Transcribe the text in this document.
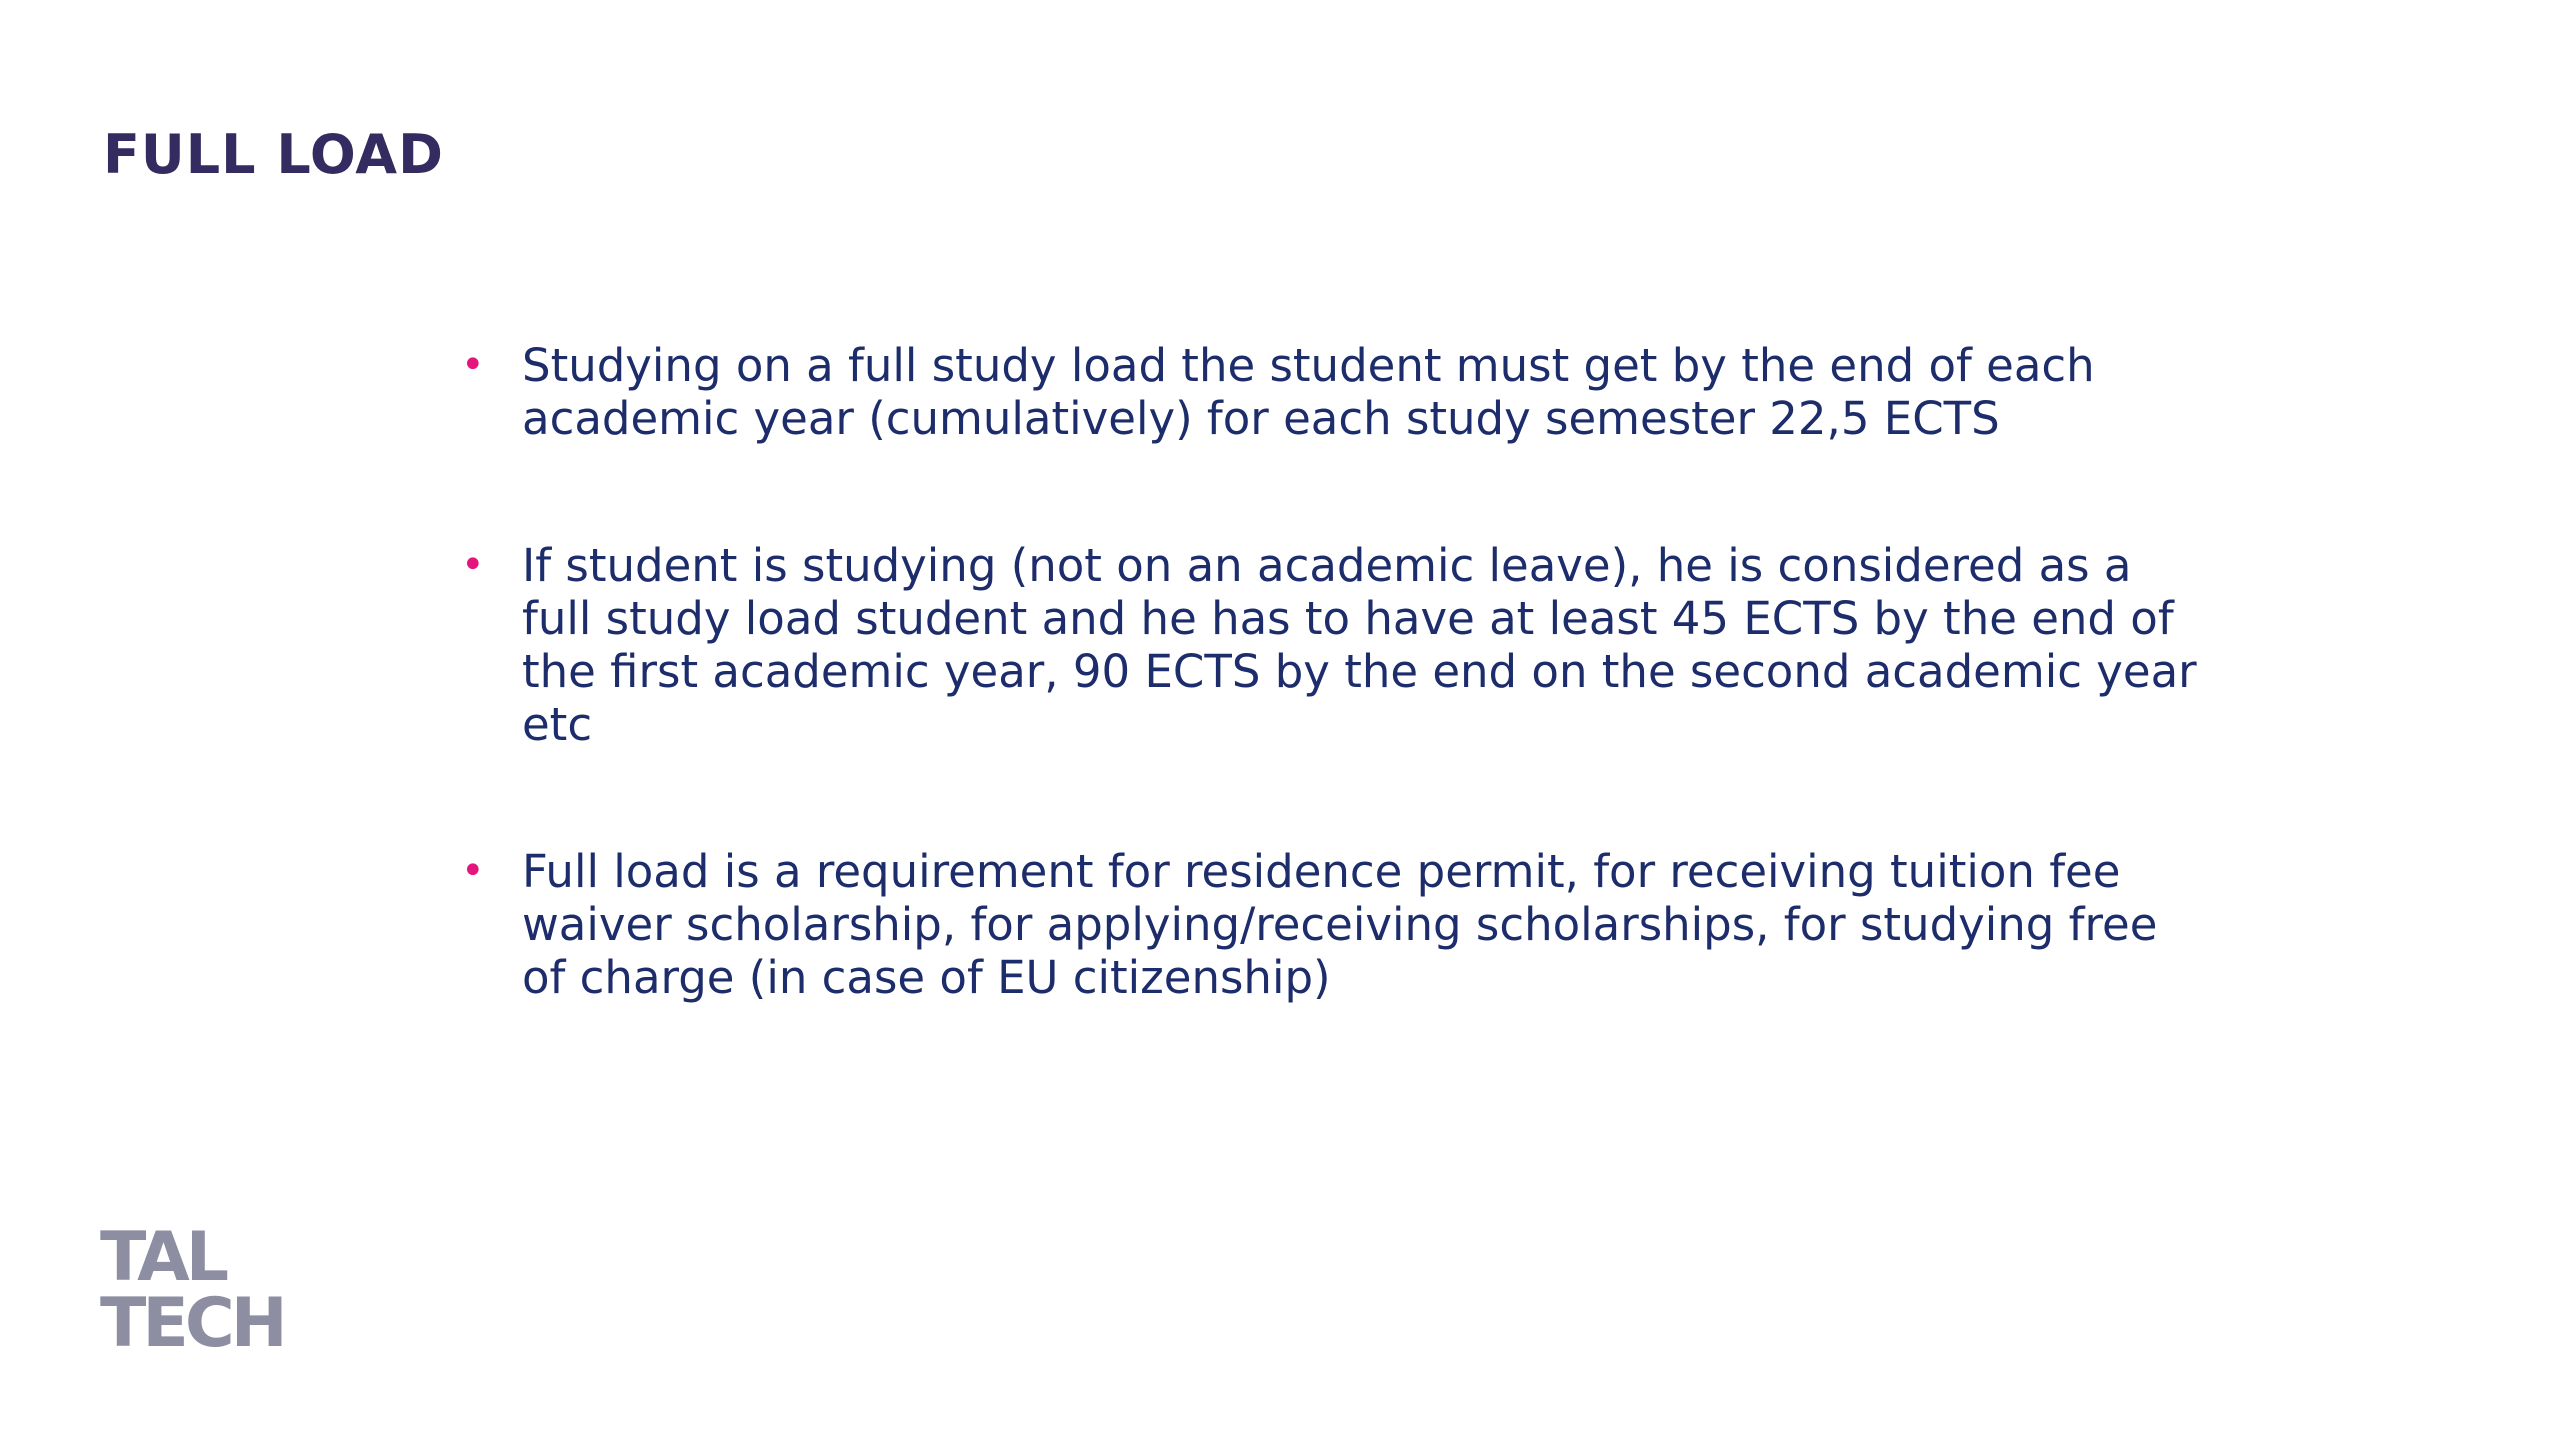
FULL LOAD
• Studying on a full study load the student must get by the end of each
academic year (cumulatively) for each study semester 22,5 ECTS
• If student is studying (not on an academic leave), he is considered as a
full study load student and he has to have at least 45 ECTS by the end of
the first academic year, 90 ECTS by the end on the second academic year
etc
• Full load is a requirement for residence permit, for receiving tuition fee
waiver scholarship, for applying/receiving scholarships, for studying free
of charge (in case of EU citizenship)
TAL
TECH
